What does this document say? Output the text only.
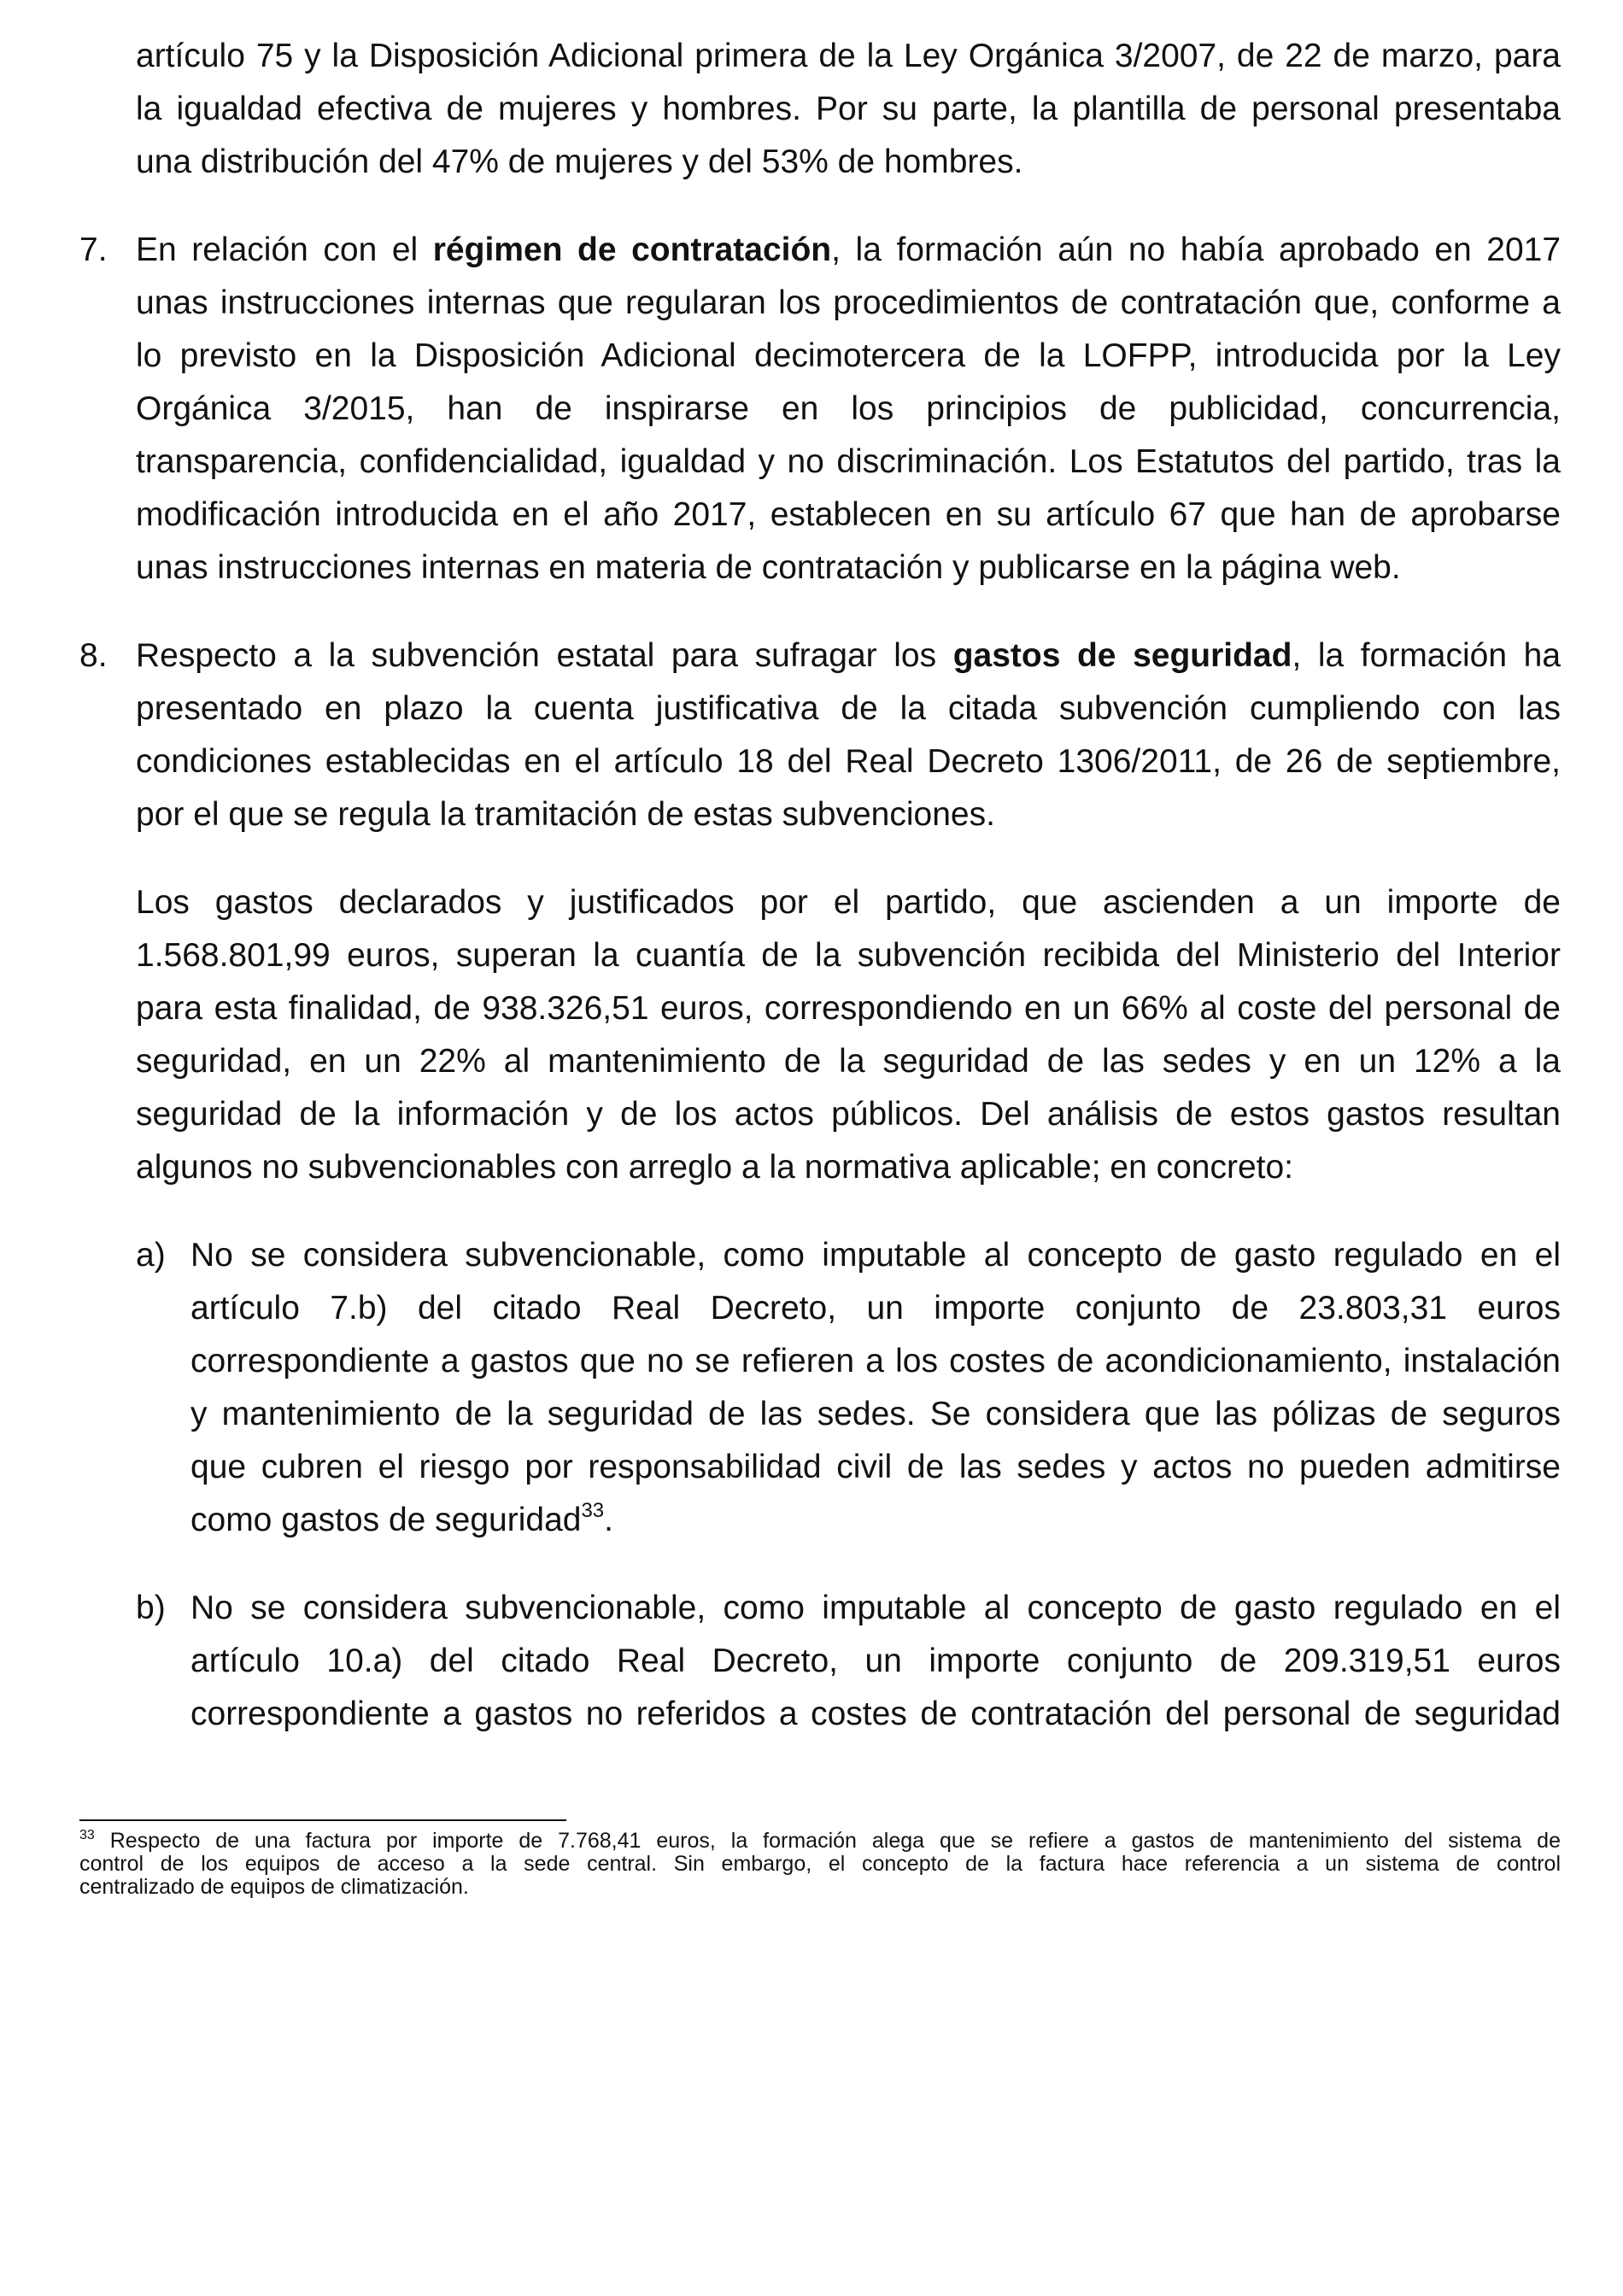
artículo 75 y la Disposición Adicional primera de la Ley Orgánica 3/2007, de 22 de marzo, para
la igualdad efectiva de mujeres y hombres. Por su parte, la plantilla de personal presentaba
una distribución del 47% de mujeres y del 53% de hombres.
7. En relación con el régimen de contratación, la formación aún no había aprobado en 2017
unas instrucciones internas que regularan los procedimientos de contratación que, conforme a
lo previsto en la Disposición Adicional decimotercera de la LOFPP, introducida por la Ley
Orgánica 3/2015, han de inspirarse en los principios de publicidad, concurrencia,
transparencia, confidencialidad, igualdad y no discriminación. Los Estatutos del partido, tras la
modificación introducida en el año 2017, establecen en su artículo 67 que han de aprobarse
unas instrucciones internas en materia de contratación y publicarse en la página web.
8. Respecto a la subvención estatal para sufragar los gastos de seguridad, la formación ha
presentado en plazo la cuenta justificativa de la citada subvención cumpliendo con las
condiciones establecidas en el artículo 18 del Real Decreto 1306/2011, de 26 de septiembre,
por el que se regula la tramitación de estas subvenciones.
Los gastos declarados y justificados por el partido, que ascienden a un importe de
1.568.801,99 euros, superan la cuantía de la subvención recibida del Ministerio del Interior
para esta finalidad, de 938.326,51 euros, correspondiendo en un 66% al coste del personal de
seguridad, en un 22% al mantenimiento de la seguridad de las sedes y en un 12% a la
seguridad de la información y de los actos públicos. Del análisis de estos gastos resultan
algunos no subvencionables con arreglo a la normativa aplicable; en concreto:
a) No se considera subvencionable, como imputable al concepto de gasto regulado en el
artículo 7.b) del citado Real Decreto, un importe conjunto de 23.803,31 euros
correspondiente a gastos que no se refieren a los costes de acondicionamiento, instalación
y mantenimiento de la seguridad de las sedes. Se considera que las pólizas de seguros
que cubren el riesgo por responsabilidad civil de las sedes y actos no pueden admitirse
como gastos de seguridad$^{33}$.
b) No se considera subvencionable, como imputable al concepto de gasto regulado en el
artículo 10.a) del citado Real Decreto, un importe conjunto de 209.319,51 euros
correspondiente a gastos no referidos a costes de contratación del personal de seguridad
$^{33}$ Respecto de una factura por importe de 7.768,41 euros, la formación alega que se refiere a gastos de mantenimiento del sistema de
control de los equipos de acceso a la sede central. Sin embargo, el concepto de la factura hace referencia a un sistema de control
centralizado de equipos de climatización.
